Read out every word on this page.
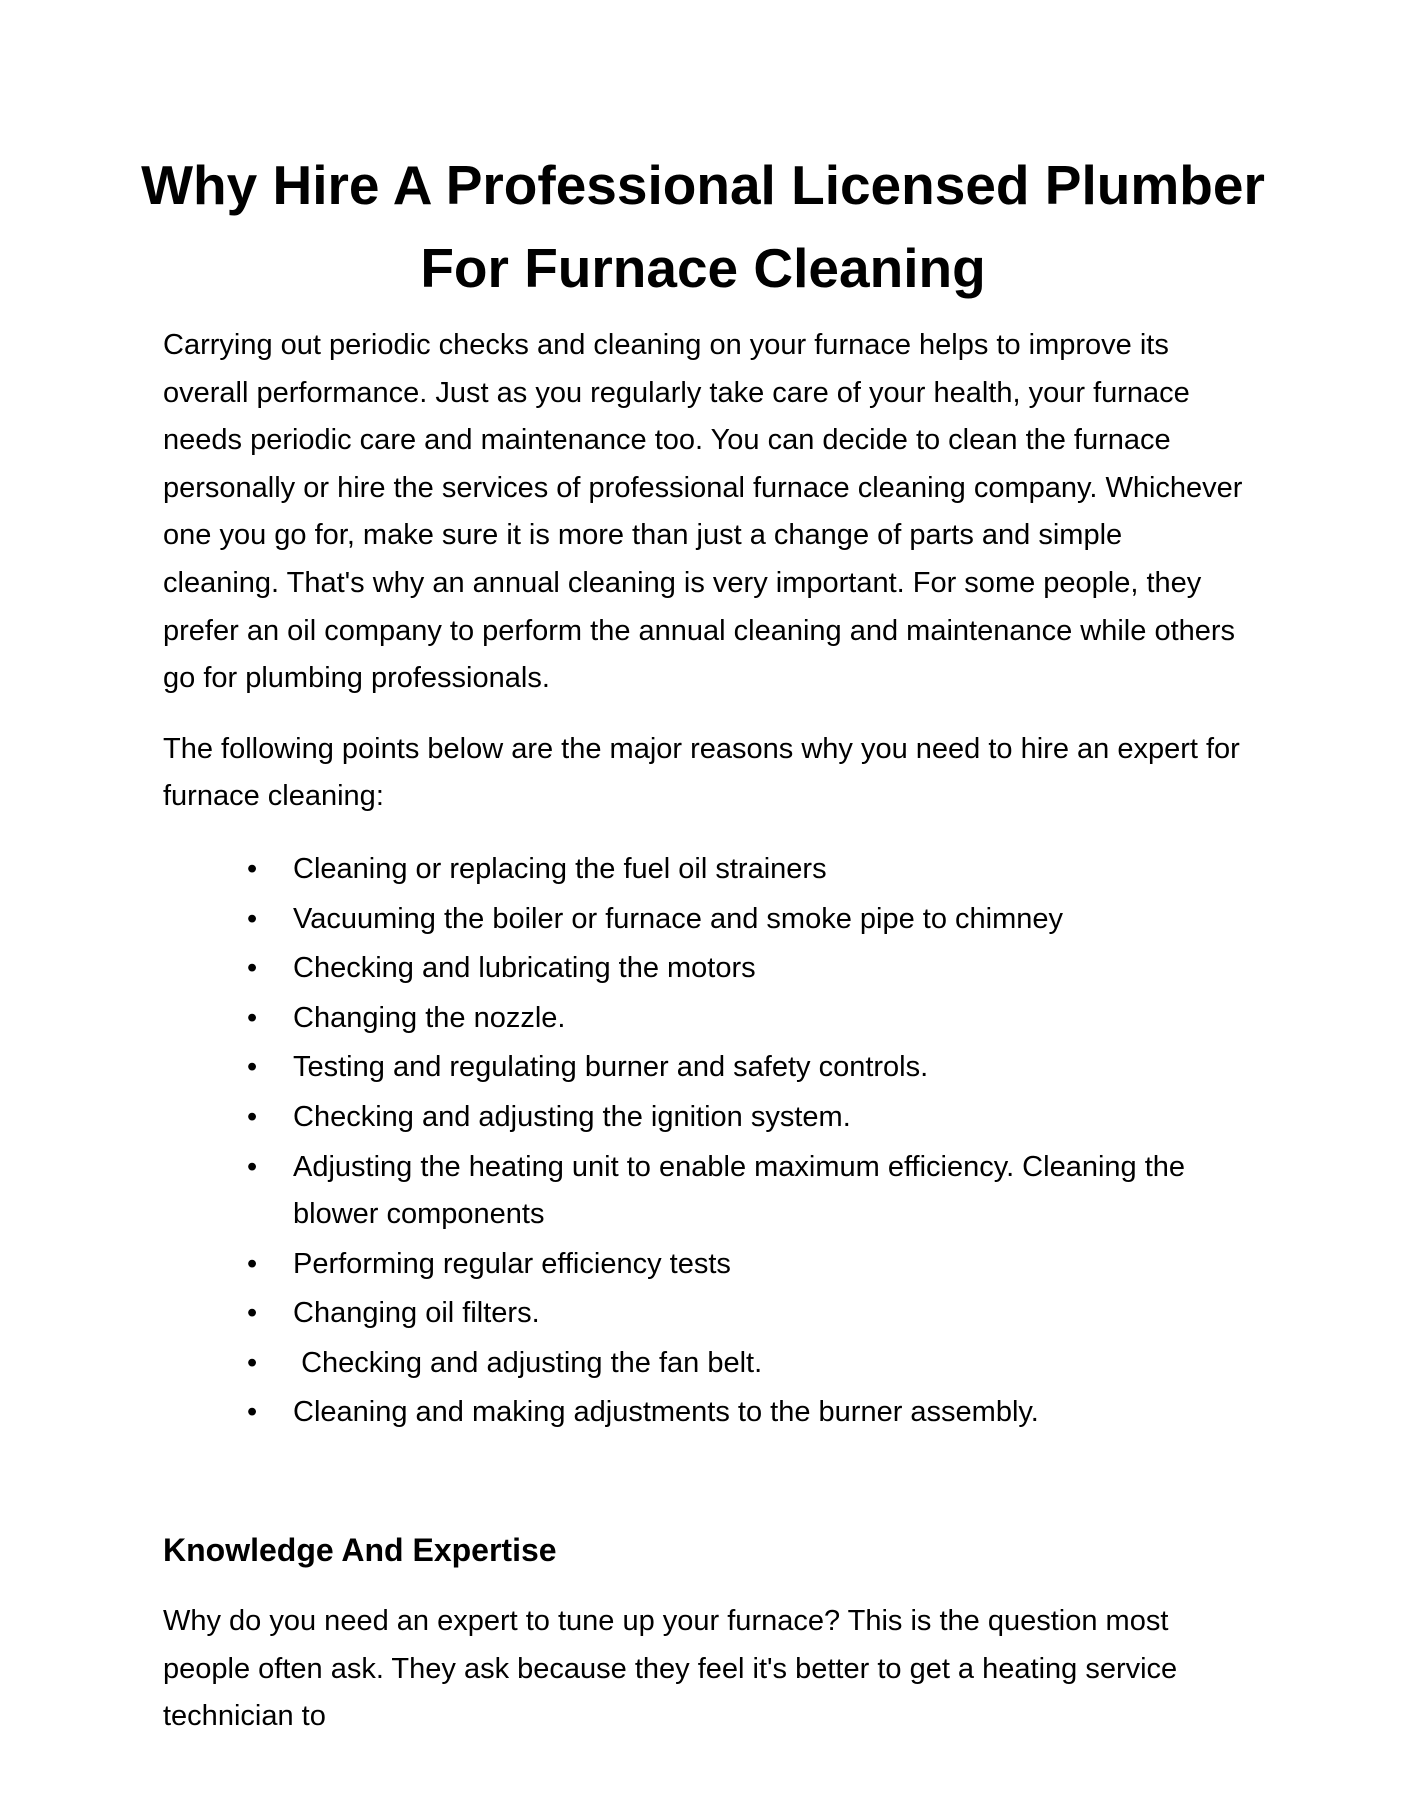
Why Hire A Professional Licensed Plumber For Furnace Cleaning

Carrying out periodic checks and cleaning on your furnace helps to improve its overall performance. Just as you regularly take care of your health, your furnace needs periodic care and maintenance too. You can decide to clean the furnace personally or hire the services of professional furnace cleaning company. Whichever one you go for, make sure it is more than just a change of parts and simple cleaning. That's why an annual cleaning is very important. For some people, they prefer an oil company to perform the annual cleaning and maintenance while others go for plumbing professionals.

The following points below are the major reasons why you need to hire an expert for furnace cleaning:

• Cleaning or replacing the fuel oil strainers
• Vacuuming the boiler or furnace and smoke pipe to chimney
• Checking and lubricating the motors
• Changing the nozzle.
• Testing and regulating burner and safety controls.
• Checking and adjusting the ignition system.
• Adjusting the heating unit to enable maximum efficiency. Cleaning the blower components
• Performing regular efficiency tests
• Changing oil filters.
• Checking and adjusting the fan belt.
• Cleaning and making adjustments to the burner assembly.
Knowledge And Expertise

Why do you need an expert to tune up your furnace? This is the question most people often ask. They ask because they feel it's better to get a heating service technician to
